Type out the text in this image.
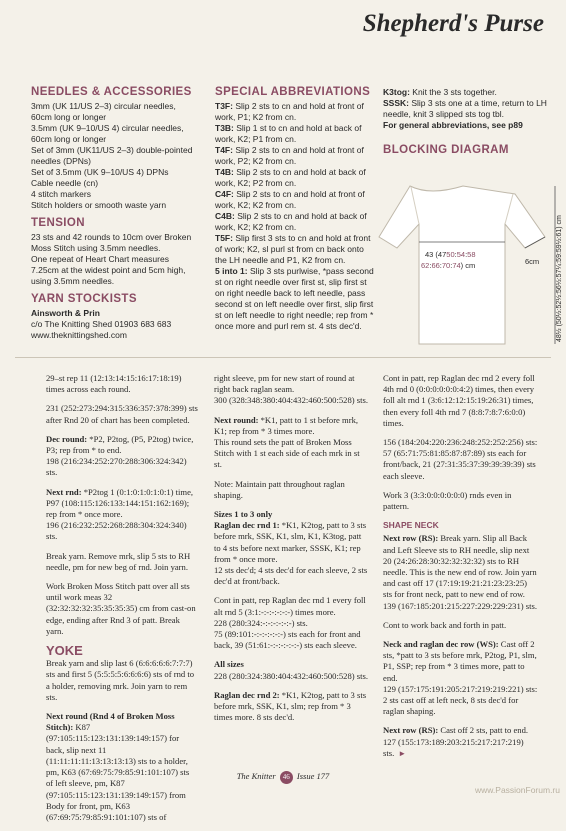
Shepherd's Purse
NEEDLES & ACCESSORIES

3mm (UK 11/US 2–3) circular needles, 60cm long or longer

3.5mm (UK 9–10/US 4) circular needles, 60cm long or longer

Set of 3mm (UK11/US 2–3) double-pointed needles (DPNs)

Set of 3.5mm (UK 9–10/US 4) DPNs

Cable needle (cn)

4 stitch markers

Stitch holders or smooth waste yarn

TENSION

23 sts and 42 rounds to 10cm over Broken Moss Stitch using 3.5mm needles.

One repeat of Heart Chart measures 7.25cm at the widest point and 5cm high, using 3.5mm needles.

YARN STOCKISTS

Ainsworth & Prin

c/o The Knitting Shed 01903 683 683

www.theknittingshed.com

SPECIAL ABBREVIATIONS

T3F: Slip 2 sts to cn and hold at front of work, P1; K2 from cn.

T3B: Slip 1 st to cn and hold at back of work, K2; P1 from cn.

T4F: Slip 2 sts to cn and hold at front of work, P2; K2 from cn.

T4B: Slip 2 sts to cn and hold at back of work, K2; P2 from cn.

C4F: Slip 2 sts to cn and hold at front of work, K2; K2 from cn.

C4B: Slip 2 sts to cn and hold at back of work, K2; K2 from cn.

T5F: Slip first 3 sts to cn and hold at front of work; K2, sl purl st from cn back onto the LH needle and P1, K2 from cn.

5 into 1: Slip 3 sts purlwise, *pass second st on right needle over first st, slip first st on right needle back to left needle, pass second st on left needle over first, slip first st on left needle to right needle; rep from * once more and purl rem st. 4 sts dec'd.

K3tog: Knit the 3 sts together.

SSSK: Slip 3 sts one at a time, return to LH needle, knit 3 slipped sts tog tbl.

For general abbreviations, see p89

BLOCKING DIAGRAM
43 (4750:54:58
62:66:70:74) cm	6cm 48½ (50½:52½:56½:57¼:59:59½:61) cm

29–st rep 11 (12:13:14:15:16:17:18:19) times across each round.

231 (252:273:294:315:336:357:378:399) sts after Rnd 20 of chart has been completed.

Dec round: *P2, P2tog, (P5, P2tog) twice, P3; rep from * to end.
198 (216:234:252:270:288:306:324:342) sts.

Next rnd: *P2tog 1 (0:1:0:1:0:1:0:1) time, P97 (108:115:126:133:144:151:162:169); rep from * once more.
196 (216:232:252:268:288:304:324:340) sts.

Break yarn. Remove mrk, slip 5 sts to RH needle, pm for new beg of rnd. Join yarn.

Work Broken Moss Stitch patt over all sts until work meas 32 (32:32:32:32:35:35:35:35) cm from cast-on edge, ending after Rnd 3 of patt. Break yarn.

YOKE

Break yarn and slip last 6 (6:6:6:6:6:7:7:7) sts and first 5 (5:5:5:5:6:6:6:6) sts of rnd to a holder, removing mrk. Join yarn to rem sts.

Next round (Rnd 4 of Broken Moss Stitch): K87 (97:105:115:123:131:139:149:157) for back, slip next 11 (11:11:11:11:13:13:13:13) sts to a holder, pm, K63 (67:69:75:79:85:91:101:107) sts of left sleeve, pm, K87 (97:105:115:123:131:139:149:157) from Body for front, pm, K63 (67:69:75:79:85:91:101:107) sts of

right sleeve, pm for new start of round at right back raglan seam.
300 (328:348:380:404:432:460:500:528) sts.

Next round: *K1, patt to 1 st before mrk, K1; rep from * 3 times more.
This round sets the patt of Broken Moss Stitch with 1 st each side of each mrk in st st.

Note: Maintain patt throughout raglan shaping.

Sizes 1 to 3 only

Raglan dec rnd 1: *K1, K2tog, patt to 3 sts before mrk, SSK, K1, slm, K1, K3tog, patt to 4 sts before next marker, SSSK, K1; rep from * once more.
12 sts dec'd; 4 sts dec'd for each sleeve, 2 sts dec'd at front/back.

Cont in patt, rep Raglan dec rnd 1 every foll alt rnd 5 (3:1:-:-:-:-:-:-) times more.
228 (280:324:-:-:-:-:-:-) sts.
75 (89:101:-:-:-:-:-:-) sts each for front and back, 39 (51:61:-:-:-:-:-:-) sts each sleeve.

All sizes
228 (280:324:380:404:432:460:500:528) sts.

Raglan dec rnd 2: *K1, K2tog, patt to 3 sts before mrk, SSK, K1, slm; rep from * 3 times more. 8 sts dec'd.

Cont in patt, rep Raglan dec rnd 2 every foll 4th rnd 0 (0:0:0:0:0:0:4:2) times, then every foll alt rnd 1 (3:6:12:12:15:19:26:31) times, then every foll 4th rnd 7 (8:8:7:8:7:6:0:0) times.

156 (184:204:220:236:248:252:252:256) sts: 57 (65:71:75:81:85:87:87:89) sts each for front/back, 21 (27:31:35:37:39:39:39:39) sts each sleeve.

Work 3 (3:3:0:0:0:0:0:0) rnds even in pattern.

SHAPE NECK

Next row (RS): Break yarn. Slip all Back and Left Sleeve sts to RH needle, slip next 20 (24:26:28:30:32:32:32:32) sts to RH needle. This is the new end of row. Join yarn and cast off 17 (17:19:19:21:21:23:23:25) sts for front neck, patt to new end of row. 139 (167:185:201:215:227:229:229:231) sts.

Cont to work back and forth in patt.

Neck and raglan dec row (WS): Cast off 2 sts, *patt to 3 sts before mrk, P2tog, P1, slm, P1, SSP; rep from * 3 times more, patt to end.
129 (157:175:191:205:217:219:219:221) sts: 2 sts cast off at left neck, 8 sts dec'd for raglan shaping.

Next row (RS): Cast off 2 sts, patt to end.
127 (155:173:189:203:215:217:217:219) sts. ►

The Knitter 46 Issue 177
www.PassionForum.ru
